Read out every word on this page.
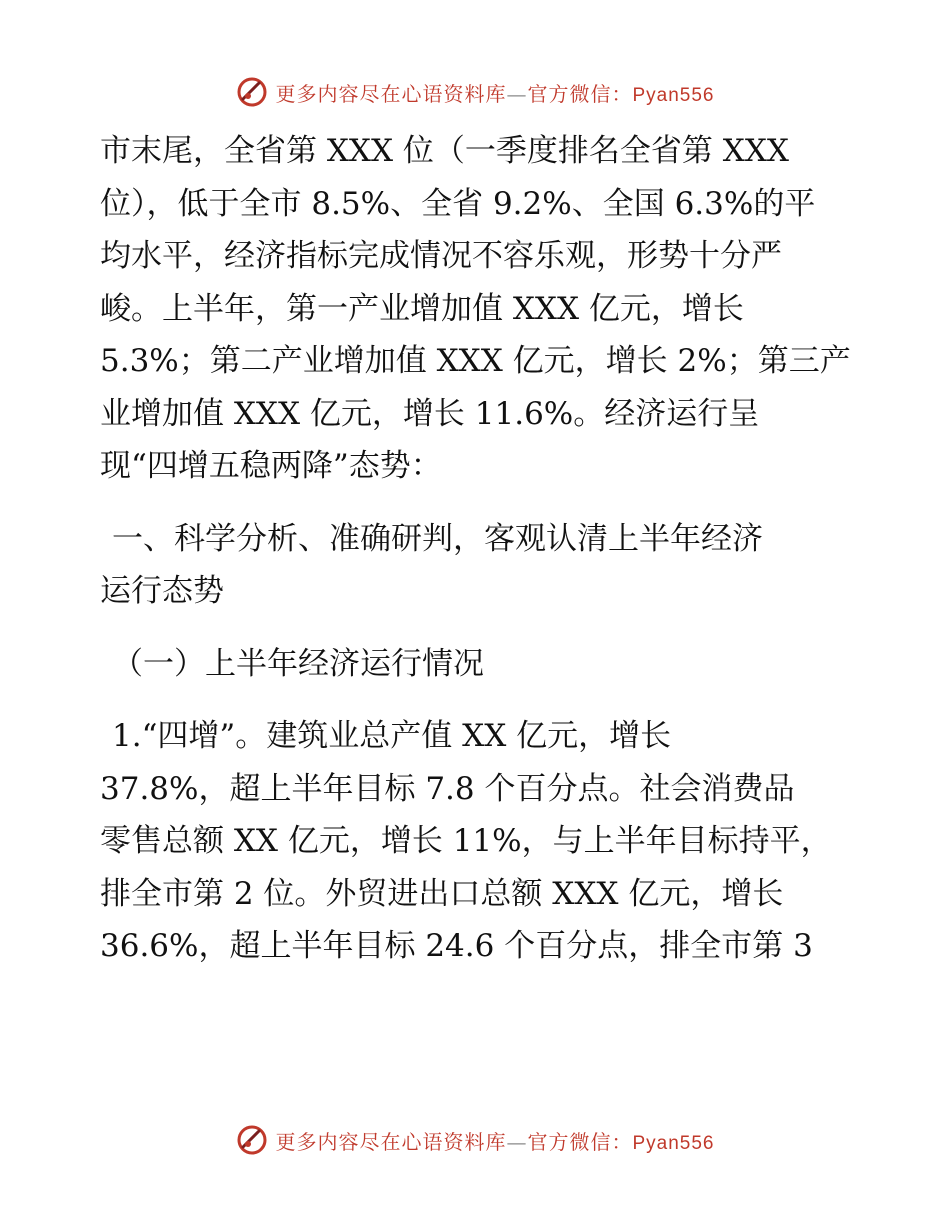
更多内容尽在心语资料库—官方微信：Pyan556
市末尾，全省第 XXX 位（一季度排名全省第 XXX
位），低于全市 8.5%、全省 9.2%、全国 6.3%的平
均水平，经济指标完成情况不容乐观，形势十分严
峻。上半年，第一产业增加值 XXX 亿元，增长
5.3%；第二产业增加值 XXX 亿元，增长 2%；第三产
业增加值 XXX 亿元，增长 11.6%。经济运行呈
现“四增五稳两降”态势：
一、科学分析、准确研判，客观认清上半年经济
运行态势
（一）上半年经济运行情况
1.“四增”。建筑业总产值 XX 亿元，增长
37.8%，超上半年目标 7.8 个百分点。社会消费品
零售总额 XX 亿元，增长 11%，与上半年目标持平，
排全市第 2 位。外贸进出口总额 XXX 亿元，增长
36.6%，超上半年目标 24.6 个百分点，排全市第 3
更多内容尽在心语资料库—官方微信：Pyan556
